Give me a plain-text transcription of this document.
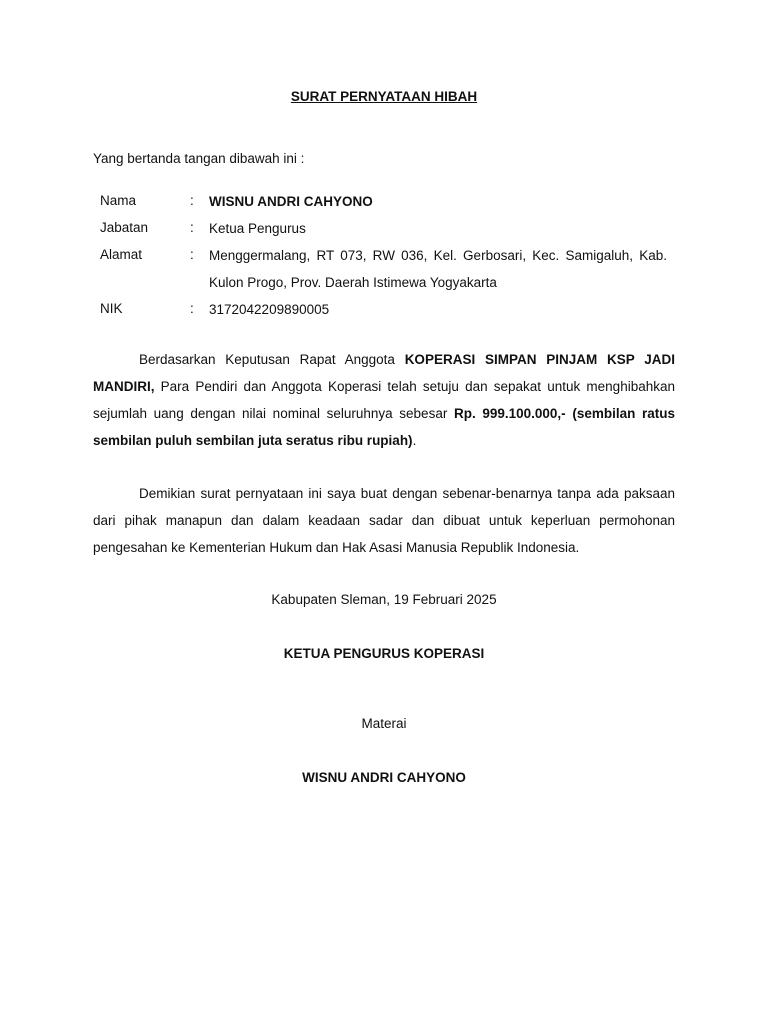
SURAT PERNYATAAN HIBAH
Yang bertanda tangan dibawah ini :
Nama	: WISNU ANDRI CAHYONO
Jabatan	: Ketua Pengurus
Alamat	: Menggermalang, RT 073, RW 036, Kel. Gerbosari, Kec. Samigaluh, Kab. Kulon Progo, Prov. Daerah Istimewa Yogyakarta
NIK	: 3172042209890005

Berdasarkan Keputusan Rapat Anggota KOPERASI SIMPAN PINJAM KSP JADI MANDIRI, Para Pendiri dan Anggota Koperasi telah setuju dan sepakat untuk menghibahkan sejumlah uang dengan nilai nominal seluruhnya sebesar Rp. 999.100.000,- (sembilan ratus sembilan puluh sembilan juta seratus ribu rupiah).

Demikian surat pernyataan ini saya buat dengan sebenar-benarnya tanpa ada paksaan dari pihak manapun dan dalam keadaan sadar dan dibuat untuk keperluan permohonan pengesahan ke Kementerian Hukum dan Hak Asasi Manusia Republik Indonesia.

Kabupaten Sleman, 19 Februari 2025
KETUA PENGURUS KOPERASI
Materai
WISNU ANDRI CAHYONO
